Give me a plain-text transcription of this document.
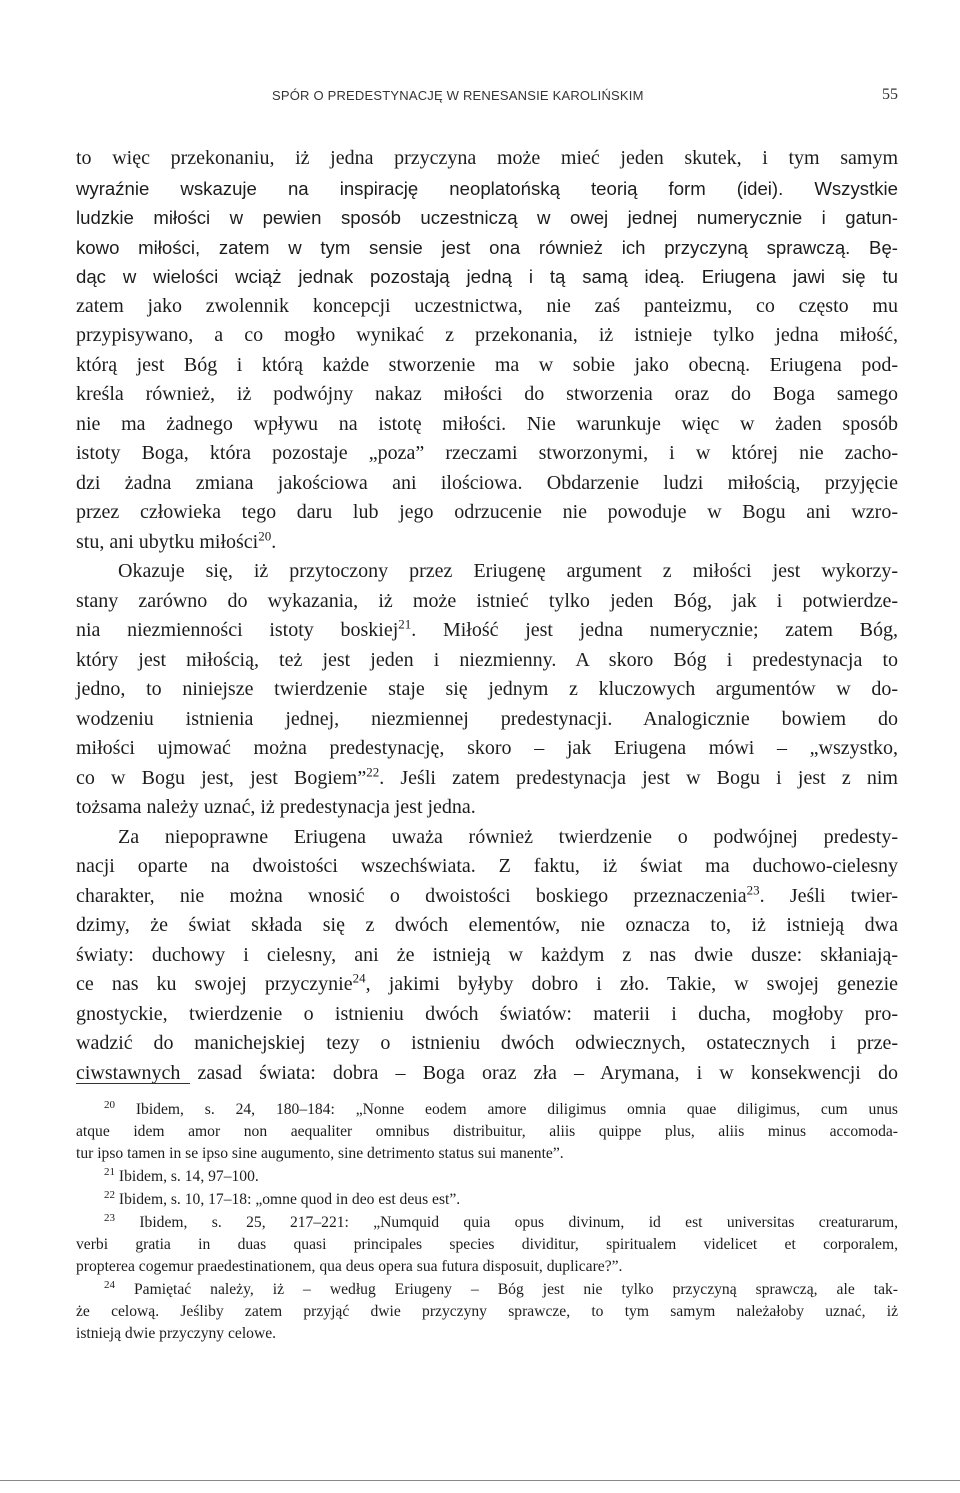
SPÓR O PREDESTYNACJĘ W RENESANSIE KAROLIŃSKIM	55
to więc przekonaniu, iż jedna przyczyna może mieć jeden skutek, i tym samym
wyraźnie wskazuje na inspirację neoplatońską teorią form (idei). Wszystkie
ludzkie miłości w pewien sposób uczestniczą w owej jednej numerycznie i gatun-
kowo miłości, zatem w tym sensie jest ona również ich przyczyną sprawczą. Bę-
dąc w wielości wciąż jednak pozostają jedną i tą samą ideą. Eriugena jawi się tu
zatem jako zwolennik koncepcji uczestnictwa, nie zaś panteizmu, co często mu
przypisywano, a co mogło wynikać z przekonania, iż istnieje tylko jedna miłość,
którą jest Bóg i którą każde stworzenie ma w sobie jako obecną. Eriugena pod-
kreśla również, iż podwójny nakaz miłości do stworzenia oraz do Boga samego
nie ma żadnego wpływu na istotę miłości. Nie warunkuje więc w żaden sposób
istoty Boga, która pozostaje „poza” rzeczami stworzonymi, i w której nie zacho-
dzi żadna zmiana jakościowa ani ilościowa. Obdarzenie ludzi miłością, przyjęcie
przez człowieka tego daru lub jego odrzucenie nie powoduje w Bogu ani wzro-
stu, ani ubytku miłości$^{20}$.
Okazuje się, iż przytoczony przez Eriugenę argument z miłości jest wykorzy-
stany zarówno do wykazania, iż może istnieć tylko jeden Bóg, jak i potwierdze-
nia niezmienności istoty boskiej$^{21}$. Miłość jest jedna numerycznie; zatem Bóg,
który jest miłością, też jest jeden i niezmienny. A skoro Bóg i predestynacja to
jedno, to niniejsze twierdzenie staje się jednym z kluczowych argumentów w do-
wodzeniu istnienia jednej, niezmiennej predestynacji. Analogicznie bowiem do
miłości ujmować można predestynację, skoro – jak Eriugena mówi – „wszystko,
co w Bogu jest, jest Bogiem”$^{22}$. Jeśli zatem predestynacja jest w Bogu i jest z nim
tożsama należy uznać, iż predestynacja jest jedna.
Za niepoprawne Eriugena uważa również twierdzenie o podwójnej predesty-
nacji oparte na dwoistości wszechświata. Z faktu, iż świat ma duchowo-cielesny
charakter, nie można wnosić o dwoistości boskiego przeznaczenia$^{23}$. Jeśli twier-
dzimy, że świat składa się z dwóch elementów, nie oznacza to, iż istnieją dwa
światy: duchowy i cielesny, ani że istnieją w każdym z nas dwie dusze: skłaniają-
ce nas ku swojej przyczynie$^{24}$, jakimi byłyby dobro i zło. Takie, w swojej genezie
gnostyckie, twierdzenie o istnieniu dwóch światów: materii i ducha, mogłoby pro-
wadzić do manichejskiej tezy o istnieniu dwóch odwiecznych, ostatecznych i prze-
ciwstawnych zasad świata: dobra – Boga oraz zła – Arymana, i w konsekwencji do
$^{20}$ Ibidem, s. 24, 180–184: „Nonne eodem amore diligimus omnia quae diligimus, cum unus
atque idem amor non aequaliter omnibus distribuitur, aliis quippe plus, aliis minus accomoda-
tur ipso tamen in se ipso sine augumento, sine detrimento status sui manente”.
$^{21}$ Ibidem, s. 14, 97–100.
$^{22}$ Ibidem, s. 10, 17–18: „omne quod in deo est deus est”.
$^{23}$ Ibidem, s. 25, 217–221: „Numquid quia opus divinum, id est universitas creaturarum,
verbi gratia in duas quasi principales species dividitur, spiritualem videlicet et corporalem,
propterea cogemur praedestinationem, qua deus opera sua futura disposuit, duplicare?”.
$^{24}$ Pamiętać należy, iż – według Eriugeny – Bóg jest nie tylko przyczyną sprawczą, ale tak-
że celową. Jeśliby zatem przyjąć dwie przyczyny sprawcze, to tym samym należałoby uznać, iż
istnieją dwie przyczyny celowe.
